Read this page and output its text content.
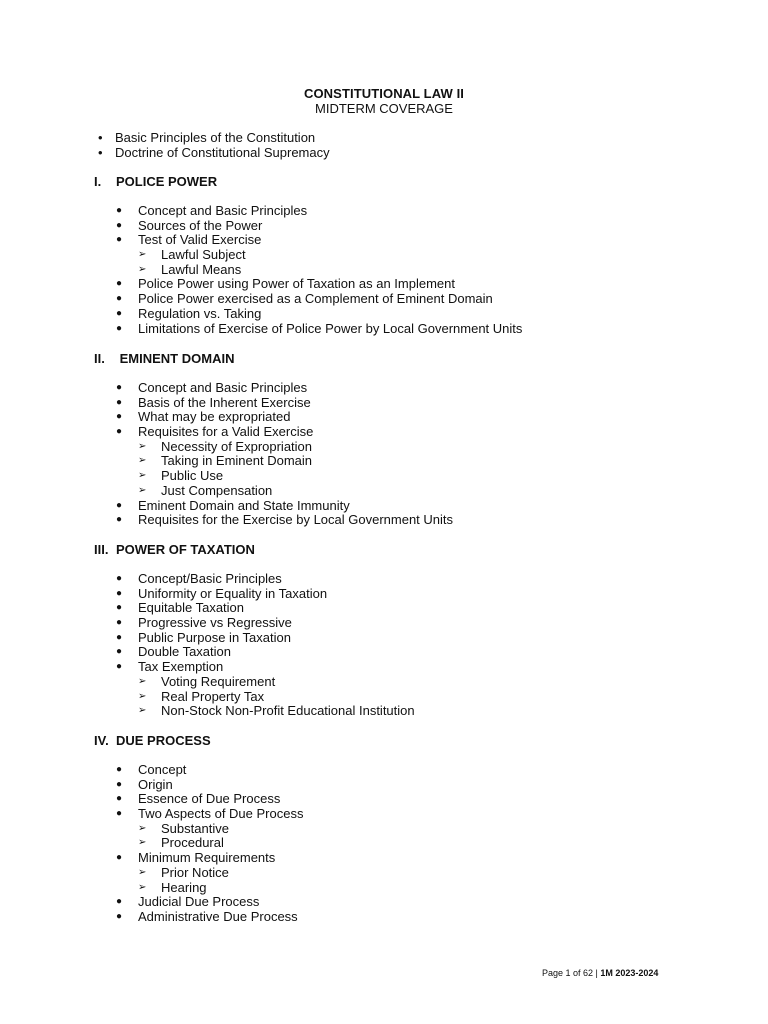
CONSTITUTIONAL LAW II
MIDTERM COVERAGE
• Basic Principles of the Constitution
• Doctrine of Constitutional Supremacy
I. POLICE POWER
● Concept and Basic Principles
● Sources of the Power
● Test of Valid Exercise
➢ Lawful Subject
➢ Lawful Means
● Police Power using Power of Taxation as an Implement
● Police Power exercised as a Complement of Eminent Domain
● Regulation vs. Taking
● Limitations of Exercise of Police Power by Local Government Units
II. EMINENT DOMAIN
● Concept and Basic Principles
● Basis of the Inherent Exercise
● What may be expropriated
● Requisites for a Valid Exercise
➢ Necessity of Expropriation
➢ Taking in Eminent Domain
➢ Public Use
➢ Just Compensation
● Eminent Domain and State Immunity
● Requisites for the Exercise by Local Government Units
III. POWER OF TAXATION
● Concept/Basic Principles
● Uniformity or Equality in Taxation
● Equitable Taxation
● Progressive vs Regressive
● Public Purpose in Taxation
● Double Taxation
● Tax Exemption
➢ Voting Requirement
➢ Real Property Tax
➢ Non-Stock Non-Profit Educational Institution
IV. DUE PROCESS
● Concept
● Origin
● Essence of Due Process
● Two Aspects of Due Process
➢ Substantive
➢ Procedural
● Minimum Requirements
➢ Prior Notice
➢ Hearing
● Judicial Due Process
● Administrative Due Process
Page 1 of 62 | 1M 2023-2024
